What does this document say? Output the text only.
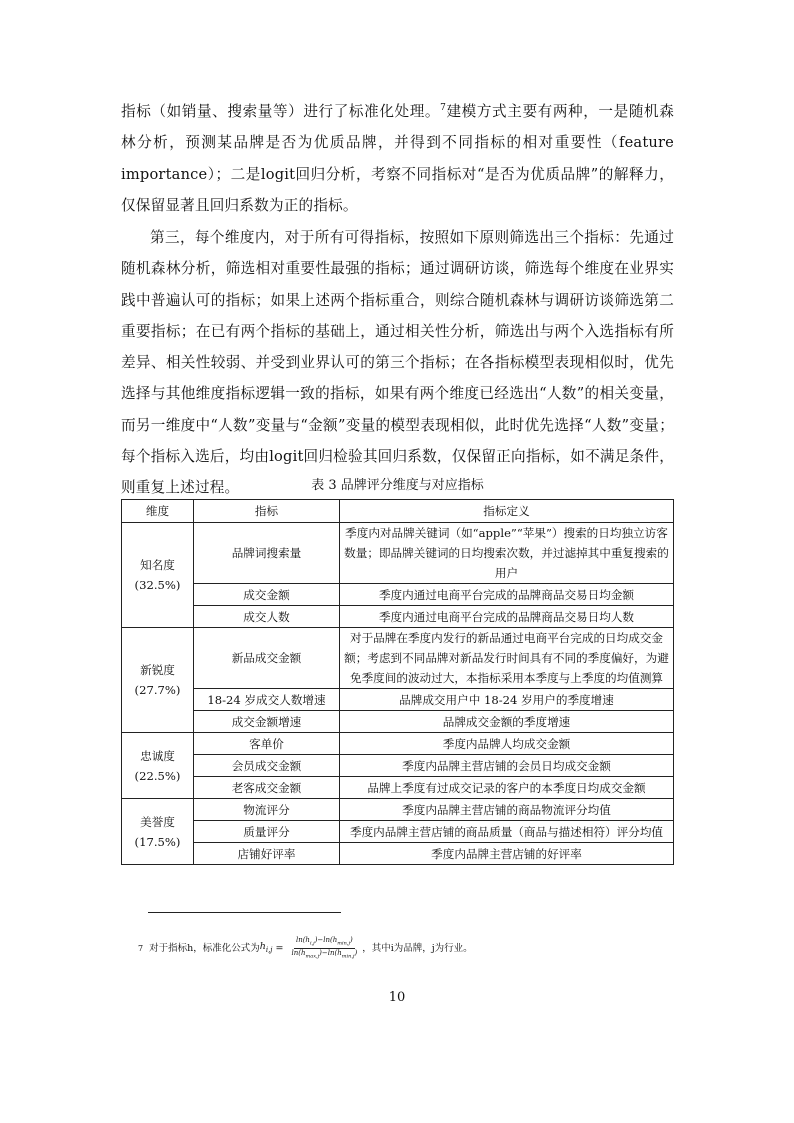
指标（如销量、搜索量等）进行了标准化处理。$^7$建模方式主要有两种，一是随机森林分析，预测某品牌是否为优质品牌，并得到不同指标的相对重要性（feature importance）；二是logit回归分析，考察不同指标对“是否为优质品牌”的解释力，仅保留显著且回归系数为正的指标。

第三，每个维度内，对于所有可得指标，按照如下原则筛选出三个指标：先通过随机森林分析，筛选相对重要性最强的指标；通过调研访谈，筛选每个维度在业界实践中普遍认可的指标；如果上述两个指标重合，则综合随机森林与调研访谈筛选第二重要指标；在已有两个指标的基础上，通过相关性分析，筛选出与两个入选指标有所差异、相关性较弱、并受到业界认可的第三个指标；在各指标模型表现相似时，优先选择与其他维度指标逻辑一致的指标，如果有两个维度已经选出“人数”的相关变量，而另一维度中“人数”变量与“金额”变量的模型表现相似，此时优先选择“人数”变量；每个指标入选后，均由logit回归检验其回归系数，仅保留正向指标，如不满足条件，则重复上述过程。	表 3 品牌评分维度与对应指标
维度	指标	指标定义

知名度
(32.5%)	品牌词搜索量	季度内对品牌关键词（如“apple”“苹果”）搜索的日均独立访客数量；即品牌关键词的日均搜索次数，并过滤掉其中重复搜索的用户
	成交金额	季度内通过电商平台完成的品牌商品交易日均金额
	成交人数	季度内通过电商平台完成的品牌商品交易日均人数

新锐度
(27.7%)	新品成交金额	对于品牌在季度内发行的新品通过电商平台完成的日均成交金额；考虑到不同品牌对新品发行时间具有不同的季度偏好，为避免季度间的波动过大，本指标采用本季度与上季度的均值测算
	18-24 岁成交人数增速	品牌成交用户中 18-24 岁用户的季度增速
	成交金额增速	品牌成交金额的季度增速

忠诚度
(22.5%)	客单价	季度内品牌人均成交金额
	会员成交金额	季度内品牌主营店铺的会员日均成交金额
	老客成交金额	品牌上季度有过成交记录的客户的本季度日均成交金额

美誉度
(17.5%)	物流评分	季度内品牌主营店铺的商品物流评分均值
	质量评分	季度内品牌主营店铺的商品质量（商品与描述相符）评分均值
	店铺好评率	季度内品牌主营店铺的好评率
7 对于指标h，标准化公式为 $h_{i,j} = \frac{\ln(h_{i,j})-\ln(h_{min,j})}{\ln(h_{max,j})-\ln(h_{min,j})}$ ，其中i为品牌，j为行业。
10
